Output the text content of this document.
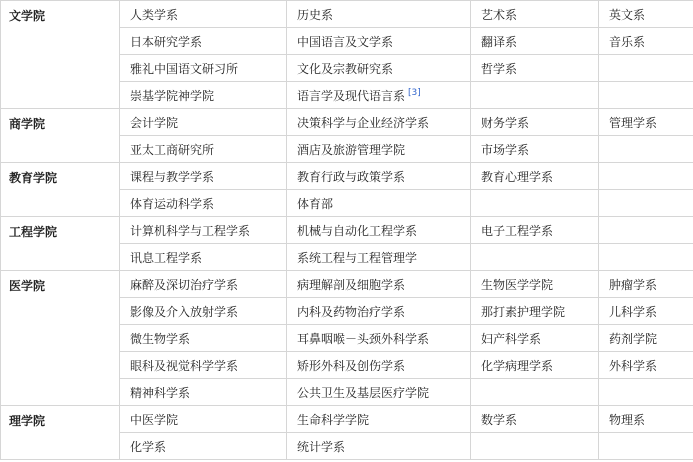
文学院	人类学系	历史系	艺术系	英文系
	日本研究学系	中国语言及文学系	翻译系	音乐系
	雅礼中国语文研习所	文化及宗教研究系	哲学系	
	崇基学院神学院	语言学及现代语言系 [3]		
商学院	会计学院	决策科学与企业经济学系	财务学系	管理学系
	亚太工商研究所	酒店及旅游管理学院	市场学系	
教育学院	课程与教学学系	教育行政与政策学系	教育心理学系	
	体育运动科学系	体育部		
工程学院	计算机科学与工程学系	机械与自动化工程学系	电子工程学系	
	讯息工程学系	系统工程与工程管理学		
医学院	麻醉及深切治疗学系	病理解剖及细胞学系	生物医学学院	肿瘤学系
	影像及介入放射学系	内科及药物治疗学系	那打素护理学院	儿科学系
	微生物学系	耳鼻咽喉－头颈外科学系	妇产科学系	药剂学院
	眼科及视觉科学学系	矫形外科及创伤学系	化学病理学系	外科学系
	精神科学系	公共卫生及基层医疗学院		
理学院	中医学院	生命科学学院	数学系	物理系
	化学系	统计学系		
